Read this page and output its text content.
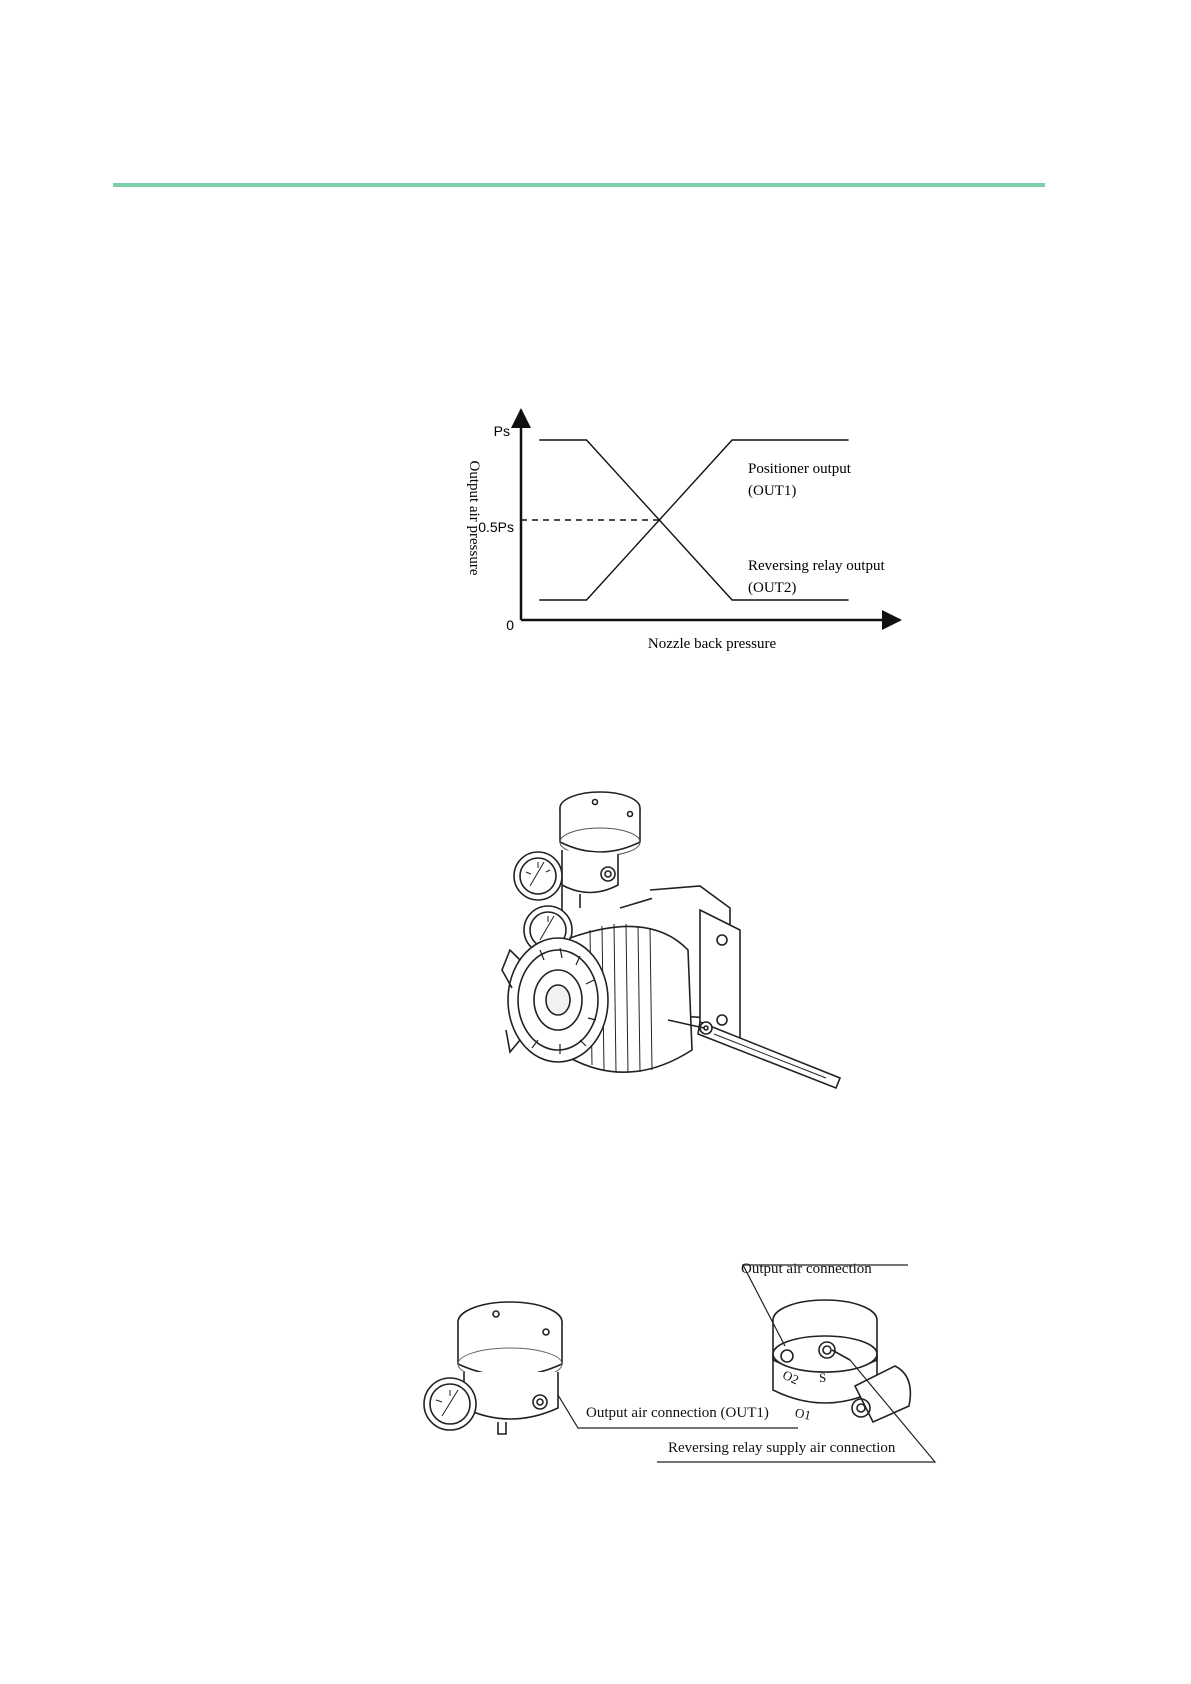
Ps
0.5Ps
0
Output air pressure
Nozzle back pressure
Positioner output
(OUT1)
Reversing relay output
(OUT2)
O2 S
O1
Output air connection
Output air connection (OUT1)
Reversing relay supply air connection
